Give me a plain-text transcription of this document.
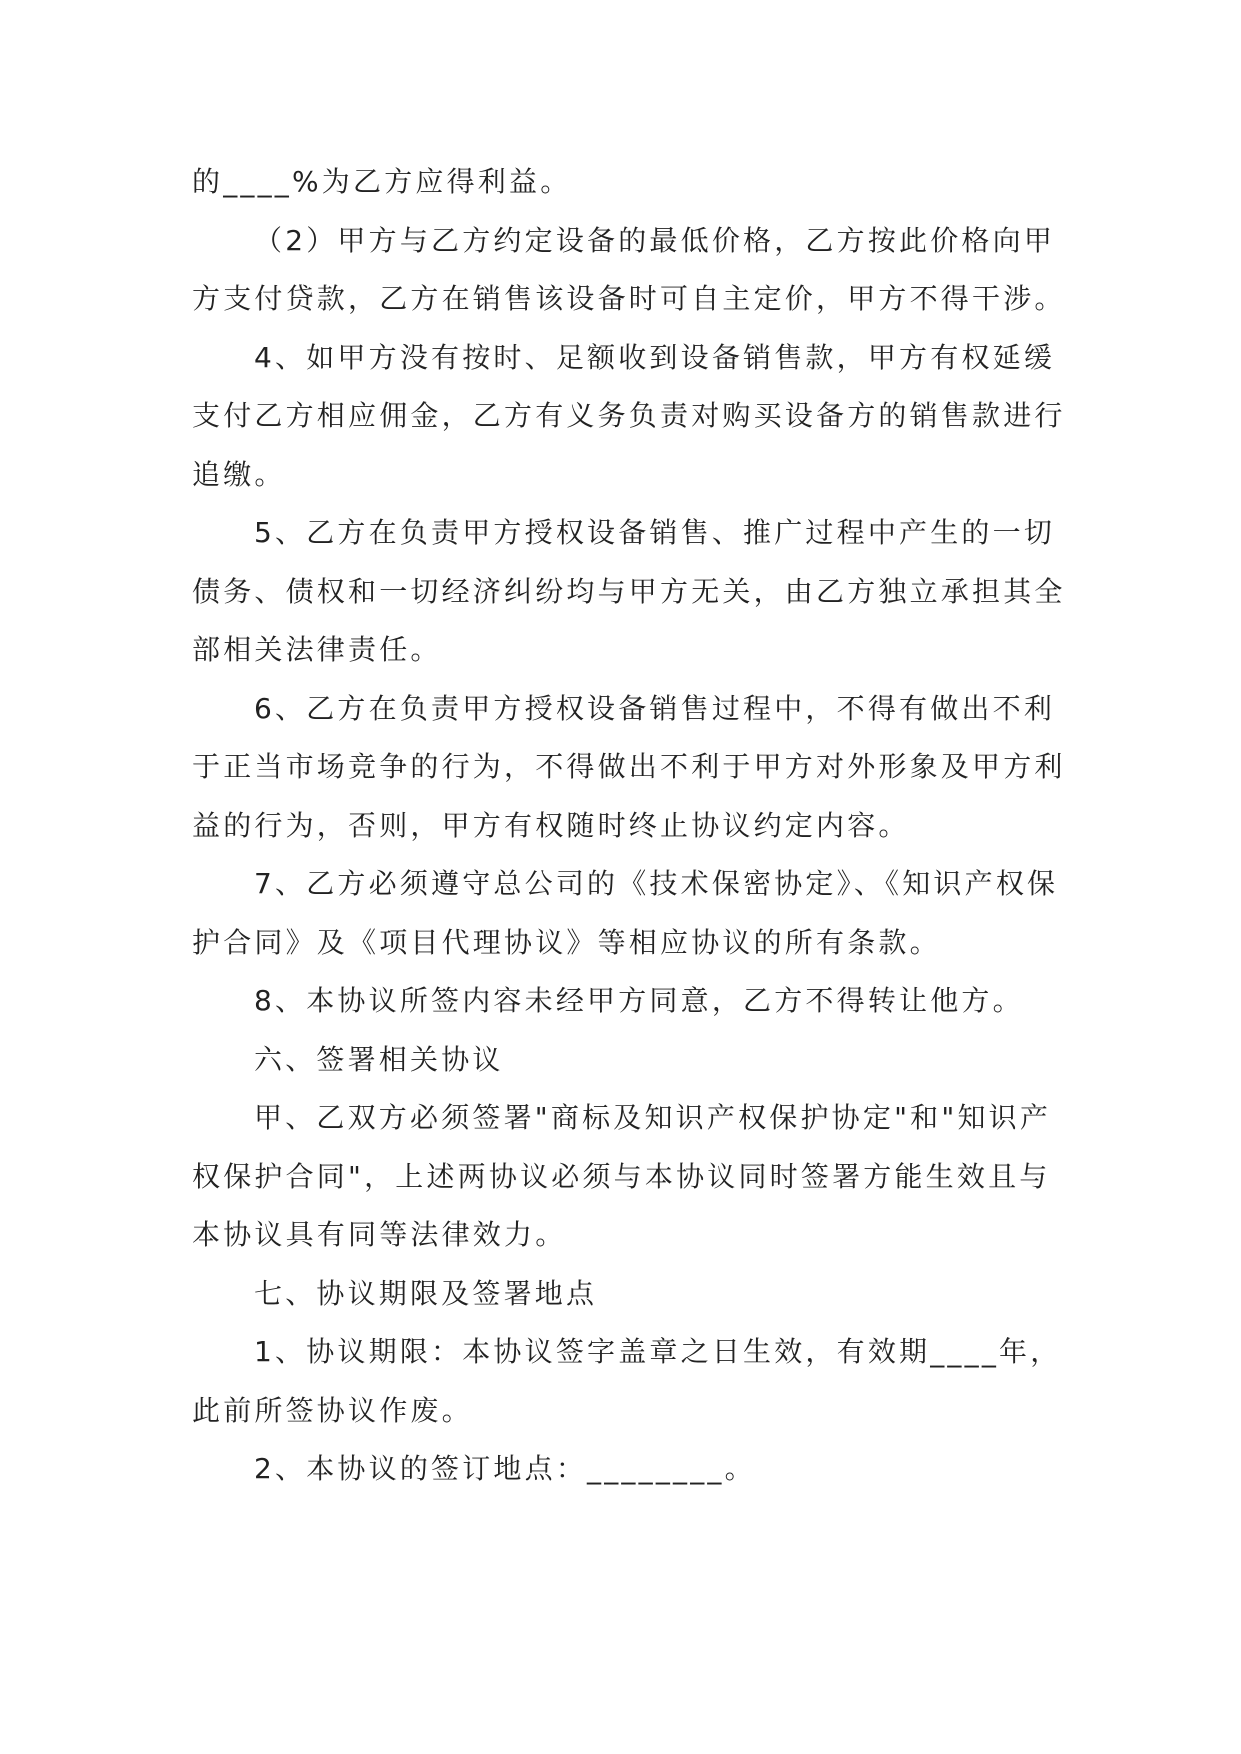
的____%为乙方应得利益。

（2）甲方与乙方约定设备的最低价格，乙方按此价格向甲方支付贷款，乙方在销售该设备时可自主定价，甲方不得干涉。

4、如甲方没有按时、足额收到设备销售款，甲方有权延缓支付乙方相应佣金，乙方有义务负责对购买设备方的销售款进行追缴。

5、乙方在负责甲方授权设备销售、推广过程中产生的一切债务、债权和一切经济纠纷均与甲方无关，由乙方独立承担其全部相关法律责任。

6、乙方在负责甲方授权设备销售过程中，不得有做出不利于正当市场竞争的行为，不得做出不利于甲方对外形象及甲方利益的行为，否则，甲方有权随时终止协议约定内容。

7、乙方必须遵守总公司的《技术保密协定》、《知识产权保护合同》及《项目代理协议》等相应协议的所有条款。

8、本协议所签内容未经甲方同意，乙方不得转让他方。

六、签署相关协议

甲、乙双方必须签署"商标及知识产权保护协定"和"知识产权保护合同"，上述两协议必须与本协议同时签署方能生效且与本协议具有同等法律效力。

七、协议期限及签署地点

1、协议期限：本协议签字盖章之日生效，有效期____年，此前所签协议作废。

2、本协议的签订地点：________。
